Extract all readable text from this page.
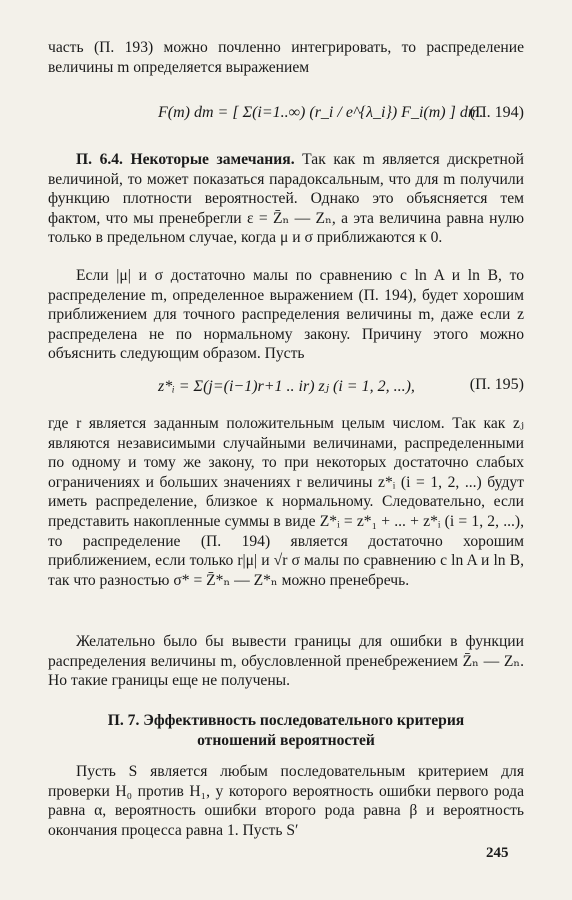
часть (П. 193) можно почленно интегрировать, то распределение величины m определяется выражением

F(m) dm = [ Σ(i=1..∞) (r_i / e^{λ_i}) F_i(m) ] dm.
(П. 194)

П. 6.4. Некоторые замечания. Так как m является дискретной величиной, то может показаться парадоксальным, что для m получили функцию плотности вероятностей. Однако это объясняется тем фактом, что мы пренебрегли ε = Z̄ₙ — Zₙ, а эта величина равна нулю только в предельном случае, когда μ и σ приближаются к 0.

Если |μ| и σ достаточно малы по сравнению с ln A и ln B, то распределение m, определенное выражением (П. 194), будет хорошим приближением для точного распределения величины m, даже если z распределена не по нормальному закону. Причину этого можно объяснить следующим образом. Пусть

z*ᵢ = Σ(j=(i−1)r+1 .. ir) zⱼ (i = 1, 2, ...),	(П. 195)

где r является заданным положительным целым числом. Так как zⱼ являются независимыми случайными величинами, распределенными по одному и тому же закону, то при некоторых достаточно слабых ограничениях и больших значениях r величины z*ᵢ (i = 1, 2, ...) будут иметь распределение, близкое к нормальному. Следовательно, если представить накопленные суммы в виде Z*ᵢ = z*₁ + ... + z*ᵢ (i = 1, 2, ...), то распределение (П. 194) является достаточно хорошим приближением, если только r|μ| и √r σ малы по сравнению с ln A и ln B, так что разностью σ* = Z̄*ₙ — Z*ₙ можно пренебречь.

Желательно было бы вывести границы для ошибки в функции распределения величины m, обусловленной пренебрежением Z̄ₙ — Zₙ. Но такие границы еще не получены.

П. 7. Эффективность последовательного критерия
отношений вероятностей

Пусть S является любым последовательным критерием для проверки H₀ против H₁, у которого вероятность ошибки первого рода равна α, вероятность ошибки второго рода равна β и вероятность окончания процесса равна 1. Пусть S′

245
